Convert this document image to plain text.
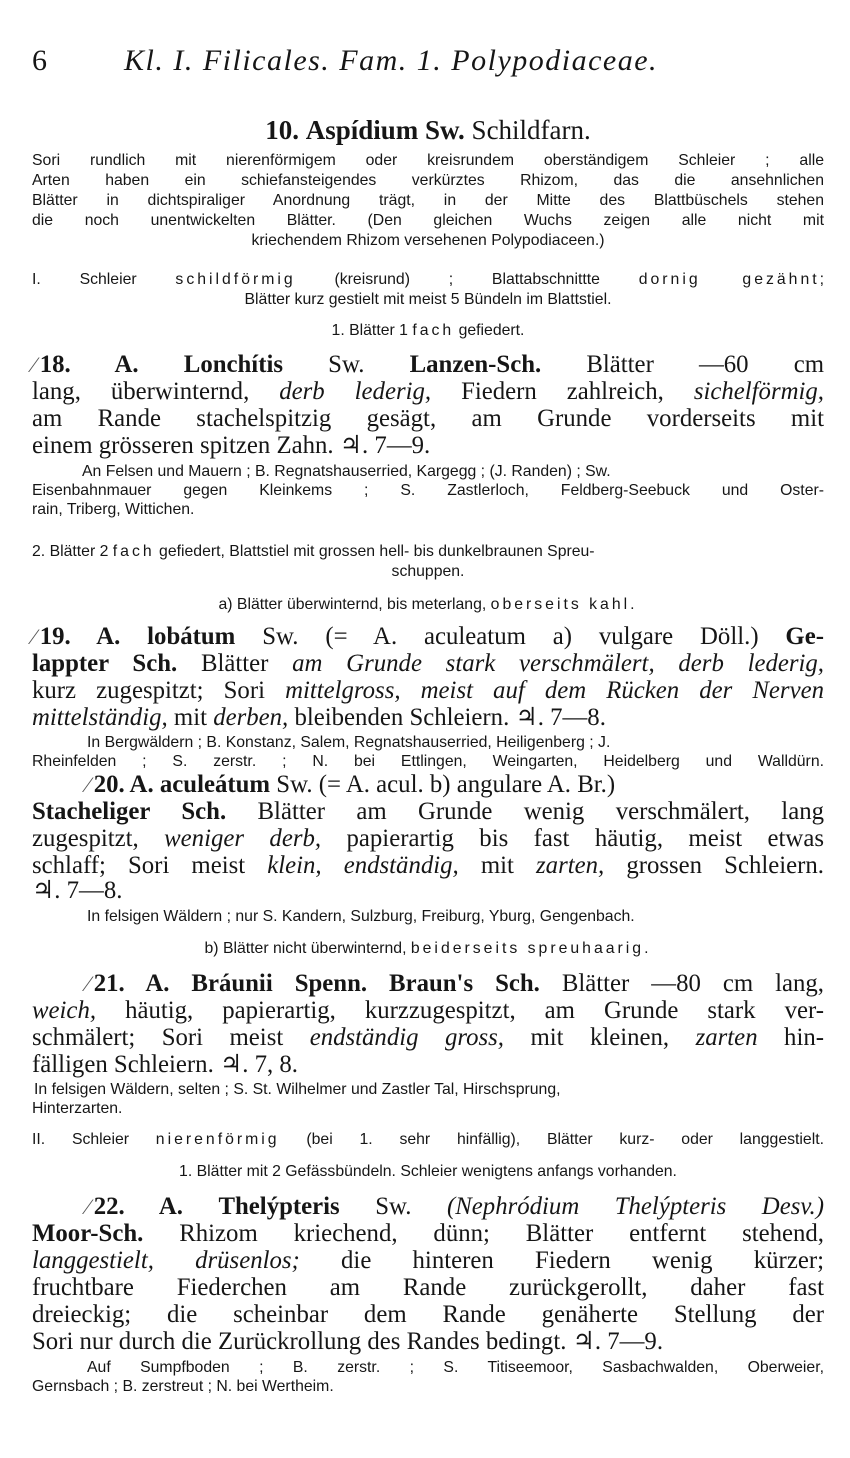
6	Kl. I. Filicales. Fam. 1. Polypodiaceae.
10. Aspídium Sw. Schildfarn.
Sori rundlich mit nierenförmigem oder kreisrundem oberständigem Schleier ; alle
Arten haben ein schiefansteigendes verkürztes Rhizom, das die ansehnlichen
Blätter in dichtspiraliger Anordnung trägt, in der Mitte des Blattbüschels stehen
die noch unentwickelten Blätter. (Den gleichen Wuchs zeigen alle nicht mit
kriechendem Rhizom versehenen Polypodiaceen.)
I. Schleier schildförmig (kreisrund) ; Blattabschnittte dornig gezähnt;
Blätter kurz gestielt mit meist 5 Bündeln im Blattstiel.
1. Blätter 1 fach gefiedert.
⁄ 18. A. Lonchítis Sw. Lanzen-Sch. Blätter —60 cm
lang, überwinternd, derb lederig, Fiedern zahlreich, sichelförmig,
am Rande stachelspitzig gesägt, am Grunde vorderseits mit
einem grösseren spitzen Zahn. ♃. 7—9.
An Felsen und Mauern ; B. Regnatshauserried, Kargegg ; (J. Randen) ; Sw.
Eisenbahnmauer gegen Kleinkems ; S. Zastlerloch, Feldberg-Seebuck und Oster-
rain, Triberg, Wittichen.
2. Blätter 2 fach gefiedert, Blattstiel mit grossen hell- bis dunkelbraunen Spreu-
schuppen.
a) Blätter überwinternd, bis meterlang, oberseits kahl.
⁄ 19. A. lobátum Sw. (= A. aculeatum a) vulgare Döll.) Ge-
lappter Sch. Blätter am Grunde stark verschmälert, derb lederig,
kurz zugespitzt; Sori mittelgross, meist auf dem Rücken der Nerven
mittelständig, mit derben, bleibenden Schleiern. ♃. 7—8.
In Bergwäldern ; B. Konstanz, Salem, Regnatshauserried, Heiligenberg ; J.
Rheinfelden ; S. zerstr. ; N. bei Ettlingen, Weingarten, Heidelberg und Walldürn.
⁄ 20. A. aculeátum Sw. (= A. acul. b) angulare A. Br.)
Stacheliger Sch. Blätter am Grunde wenig verschmälert, lang
zugespitzt, weniger derb, papierartig bis fast häutig, meist etwas
schlaff; Sori meist klein, endständig, mit zarten, grossen Schleiern.
♃. 7—8.
In felsigen Wäldern ; nur S. Kandern, Sulzburg, Freiburg, Yburg, Gengenbach.
b) Blätter nicht überwinternd, beiderseits spreuhaarig.
⁄ 21. A. Bráunii Spenn. Braun's Sch. Blätter —80 cm lang,
weich, häutig, papierartig, kurzzugespitzt, am Grunde stark ver-
schmälert; Sori meist endständig gross, mit kleinen, zarten hin-
fälligen Schleiern. ♃. 7, 8.
In felsigen Wäldern, selten ; S. St. Wilhelmer und Zastler Tal, Hirschsprung,
Hinterzarten.
II. Schleier nierenförmig (bei 1. sehr hinfällig), Blätter kurz- oder langgestielt.
1. Blätter mit 2 Gefässbündeln. Schleier wenigtens anfangs vorhanden.
⁄ 22. A. Thelýpteris Sw. (Nephródium Thelýpteris Desv.)
Moor-Sch. Rhizom kriechend, dünn; Blätter entfernt stehend,
langgestielt, drüsenlos; die hinteren Fiedern wenig kürzer;
fruchtbare Fiederchen am Rande zurückgerollt, daher fast
dreieckig; die scheinbar dem Rande genäherte Stellung der
Sori nur durch die Zurückrollung des Randes bedingt. ♃. 7—9.
Auf Sumpfboden ; B. zerstr. ; S. Titiseemoor, Sasbachwalden, Oberweier,
Gernsbach ; B. zerstreut ; N. bei Wertheim.
